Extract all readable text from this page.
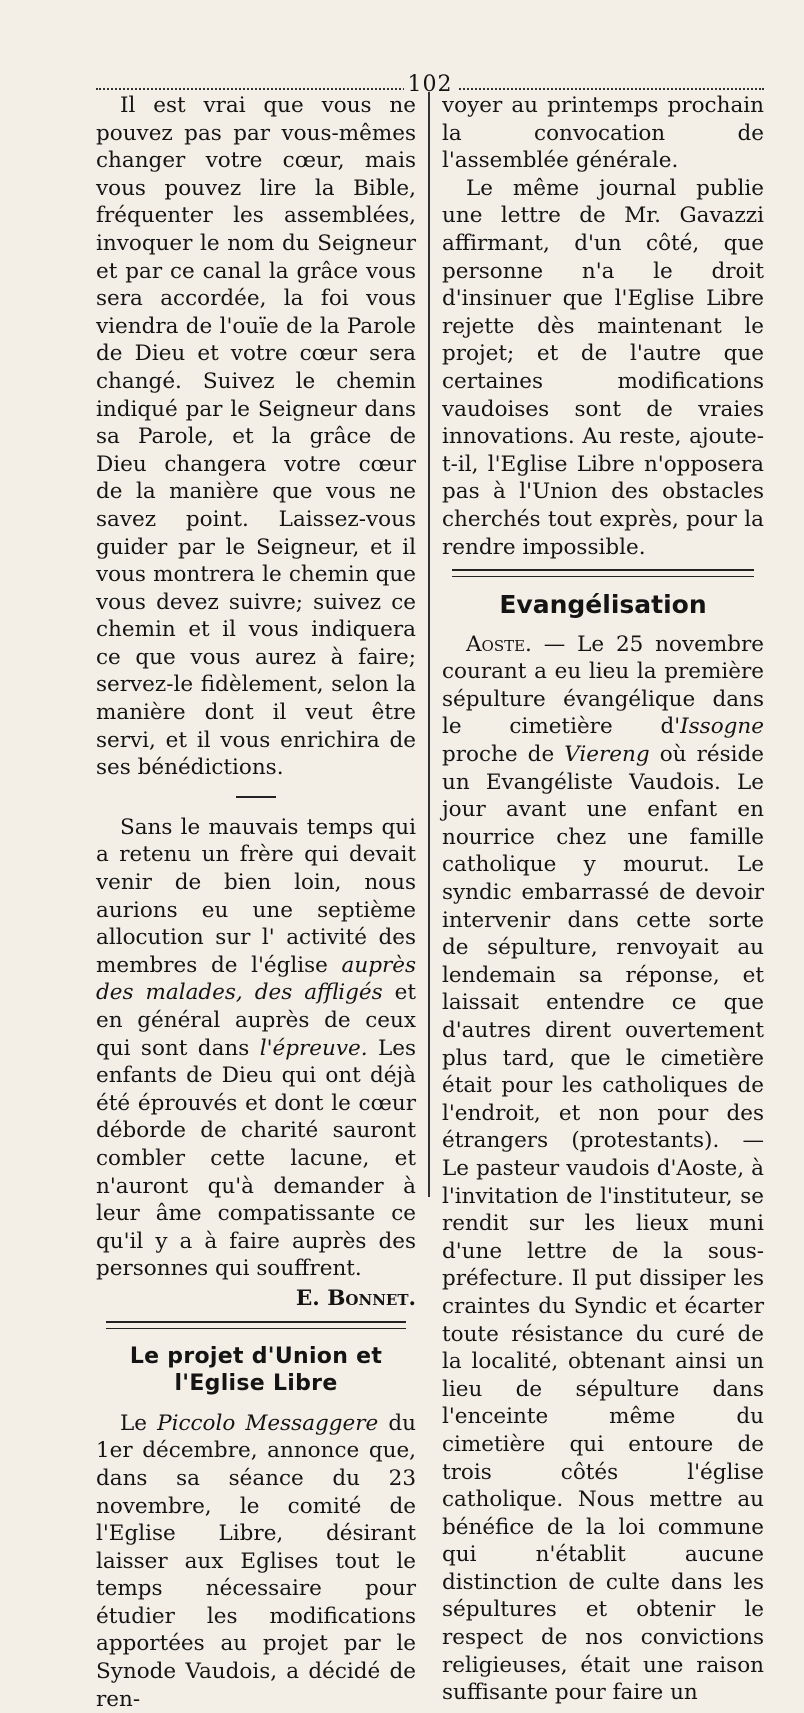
102

Il est vrai que vous ne pouvez pas par vous-mêmes changer votre cœur, mais vous pouvez lire la Bible, fréquenter les assemblées, invoquer le nom du Seigneur et par ce canal la grâce vous sera accordée, la foi vous viendra de l'ouïe de la Parole de Dieu et votre cœur sera changé. Suivez le chemin indiqué par le Seigneur dans sa Parole, et la grâce de Dieu changera votre cœur de la manière que vous ne savez point. Laissez-vous guider par le Seigneur, et il vous montrera le chemin que vous devez suivre; suivez ce chemin et il vous indiquera ce que vous aurez à faire; servez-le fidèlement, selon la manière dont il veut être servi, et il vous enrichira de ses bénédictions.

Sans le mauvais temps qui a retenu un frère qui devait venir de bien loin, nous aurions eu une septième allocution sur l' activité des membres de l'église auprès des malades, des affligés et en général auprès de ceux qui sont dans l'épreuve. Les enfants de Dieu qui ont déjà été éprouvés et dont le cœur déborde de charité sauront combler cette lacune, et n'auront qu'à demander à leur âme compatissante ce qu'il y a à faire auprès des personnes qui souffrent.

E. Bonnet.
Le projet d'Union et l'Eglise Libre

Le Piccolo Messaggere du 1er décembre, annonce que, dans sa séance du 23 novembre, le comité de l'Eglise Libre, désirant laisser aux Eglises tout le temps nécessaire pour étudier les modifications apportées au projet par le Synode Vaudois, a décidé de ren-

voyer au printemps prochain la convocation de l'assemblée générale.

Le même journal publie une lettre de Mr. Gavazzi affirmant, d'un côté, que personne n'a le droit d'insinuer que l'Eglise Libre rejette dès maintenant le projet; et de l'autre que certaines modifications vaudoises sont de vraies innovations. Au reste, ajoute-t-il, l'Eglise Libre n'opposera pas à l'Union des obstacles cherchés tout exprès, pour la rendre impossible.

Evangélisation

Aoste. — Le 25 novembre courant a eu lieu la première sépulture évangélique dans le cimetière d'Issogne proche de Viereng où réside un Evangéliste Vaudois. Le jour avant une enfant en nourrice chez une famille catholique y mourut. Le syndic embarrassé de devoir intervenir dans cette sorte de sépulture, renvoyait au lendemain sa réponse, et laissait entendre ce que d'autres dirent ouvertement plus tard, que le cimetière était pour les catholiques de l'endroit, et non pour des étrangers (protestants). — Le pasteur vaudois d'Aoste, à l'invitation de l'instituteur, se rendit sur les lieux muni d'une lettre de la sous-préfecture. Il put dissiper les craintes du Syndic et écarter toute résistance du curé de la localité, obtenant ainsi un lieu de sépulture dans l'enceinte même du cimetière qui entoure de trois côtés l'église catholique. Nous mettre au bénéfice de la loi commune qui n'établit aucune distinction de culte dans les sépultures et obtenir le respect de nos convictions religieuses, était une raison suffisante pour faire un
